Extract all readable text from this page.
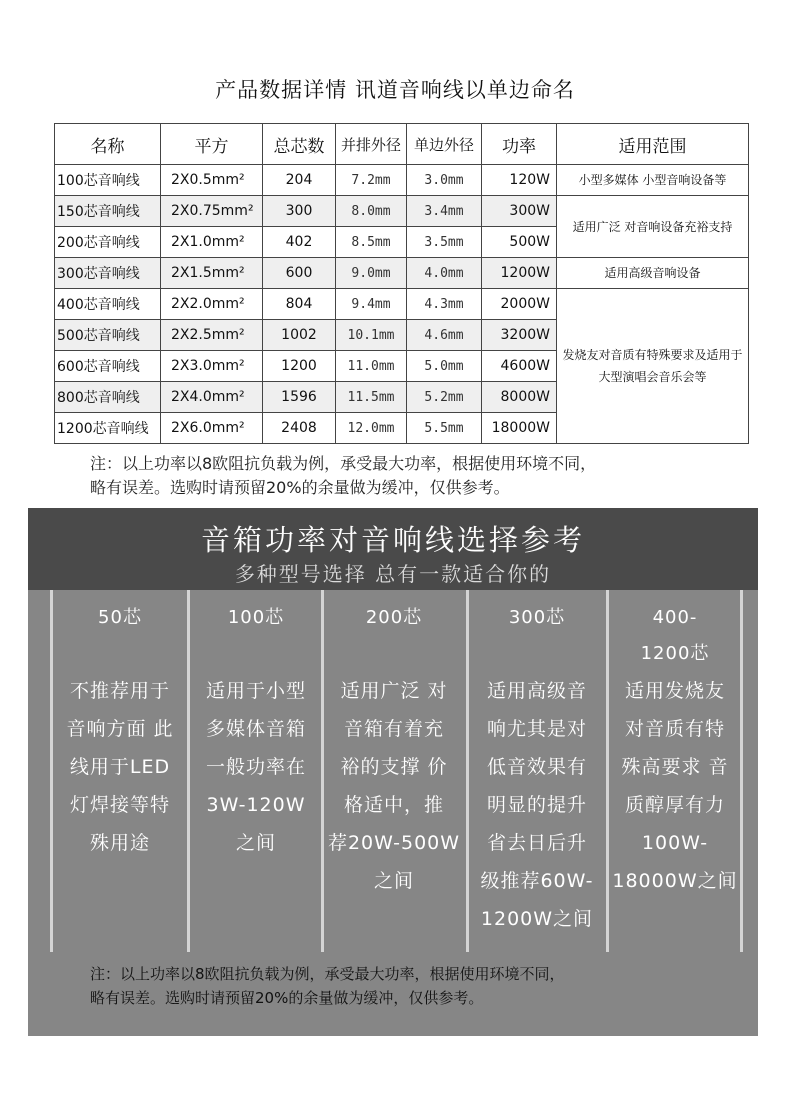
产品数据详情 讯道音响线以单边命名
名称	平方	总芯数	并排外径	单边外径	功率	适用范围
100芯音响线	2X0.5mm²	204	7.2mm	3.0mm	120W	小型多媒体 小型音响设备等
150芯音响线	2X0.75mm²	300	8.0mm	3.4mm	300W	适用广泛 对音响设备充裕支持
200芯音响线	2X1.0mm²	402	8.5mm	3.5mm	500W	
300芯音响线	2X1.5mm²	600	9.0mm	4.0mm	1200W	适用高级音响设备
400芯音响线	2X2.0mm²	804	9.4mm	4.3mm	2000W	发烧友对音质有特殊要求及适用于大型演唱会音乐会等
500芯音响线	2X2.5mm²	1002	10.1mm	4.6mm	3200W	
600芯音响线	2X3.0mm²	1200	11.0mm	5.0mm	4600W	
800芯音响线	2X4.0mm²	1596	11.5mm	5.2mm	8000W	
1200芯音响线	2X6.0mm²	2408	12.0mm	5.5mm	18000W	
注：以上功率以8欧阻抗负载为例，承受最大功率，根据使用环境不同，
略有误差。选购时请预留20%的余量做为缓冲，仅供参考。
音箱功率对音响线选择参考
多种型号选择 总有一款适合你的
50芯
不推荐用于
音响方面 此
线用于LED
灯焊接等特
殊用途
100芯
适用于小型
多媒体音箱
一般功率在
3W-120W
之间
200芯
适用广泛 对
音箱有着充
裕的支撑 价
格适中，推
荐20W-500W
之间
300芯
适用高级音
响尤其是对
低音效果有
明显的提升
省去日后升
级推荐60W-
1200W之间
400-
1200芯
适用发烧友
对音质有特
殊高要求 音
质醇厚有力
100W-
18000W之间
注：以上功率以8欧阻抗负载为例，承受最大功率，根据使用环境不同，
略有误差。选购时请预留20%的余量做为缓冲，仅供参考。
